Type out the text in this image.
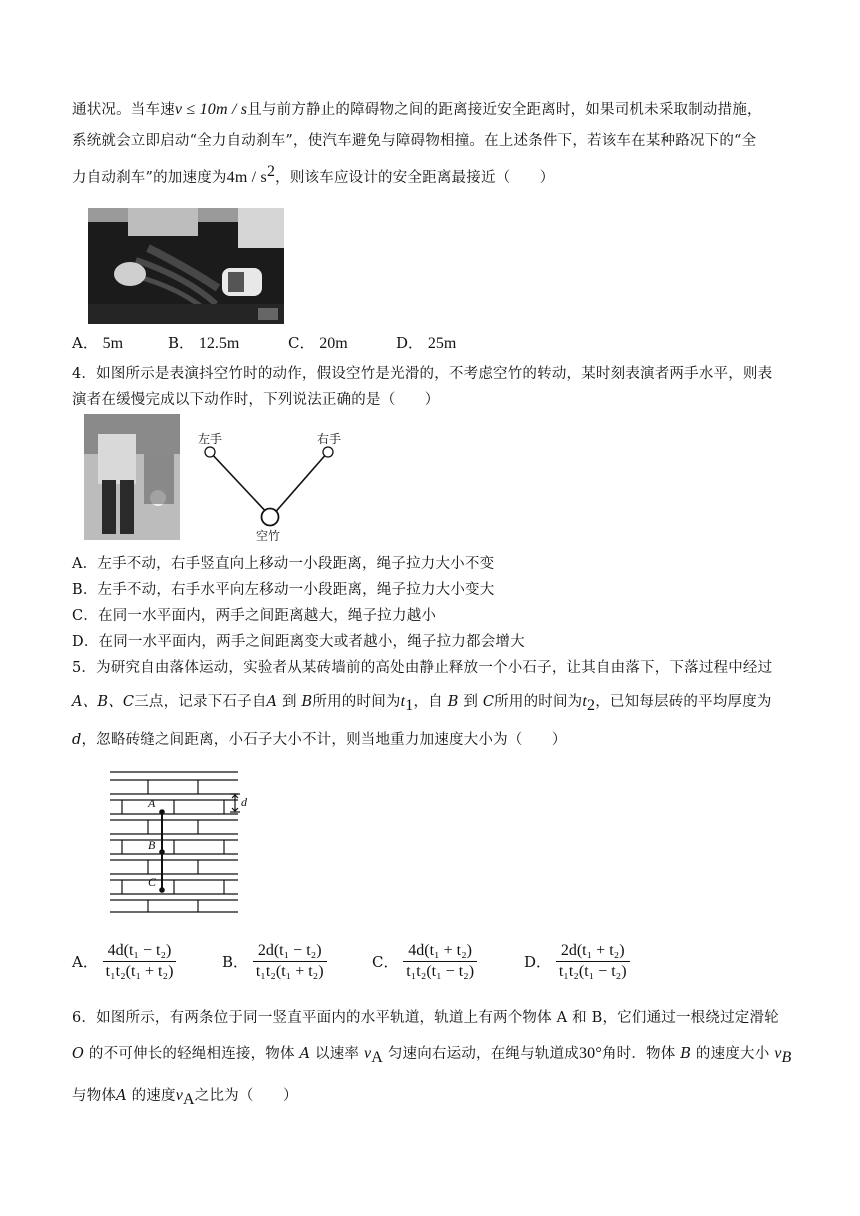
通状况。当车速v ≤ 10m / s且与前方静止的障碍物之间的距离接近安全距离时，如果司机未采取制动措施，
系统就会立即启动“全力自动刹车”，使汽车避免与障碍物相撞。在上述条件下，若该车在某种路况下的“全
力自动刹车”的加速度为$4m / s^2$，则该车应设计的安全距离最接近（　　）
A． 5m	B． 12.5m	C． 20m	D． 25m
4．如图所示是表演抖空竹时的动作，假设空竹是光滑的，不考虑空竹的转动，某时刻表演者两手水平，则表
演者在缓慢完成以下动作时，下列说法正确的是（　　）
左手	右手
空竹
A．左手不动，右手竖直向上移动一小段距离，绳子拉力大小不变
B．左手不动，右手水平向左移动一小段距离，绳子拉力大小变大
C．在同一水平面内，两手之间距离越大，绳子拉力越小
D．在同一水平面内，两手之间距离变大或者越小，绳子拉力都会增大
5．为研究自由落体运动，实验者从某砖墙前的高处由静止释放一个小石子，让其自由落下，下落过程中经过
A、B、C三点，记录下石子自A 到 B所用的时间为$t_1$，自 B 到 C所用的时间为$t_2$，已知每层砖的平均厚度为
d，忽略砖缝之间距离，小石子大小不计，则当地重力加速度大小为（　　）
A
B
C
d
A． $\frac{\text{4d(t₁ − t₂)}}{\text{t₁t₂(t₁ + t₂)}}$	B． $\frac{\text{2d(t₁ − t₂)}}{\text{t₁t₂(t₁ + t₂)}}$	C． $\frac{\text{4d(t₁ + t₂)}}{\text{t₁t₂(t₁ − t₂)}}$	D． $\frac{\text{2d(t₁ + t₂)}}{\text{t₁t₂(t₁ − t₂)}}$
6．如图所示，有两条位于同一竖直平面内的水平轨道，轨道上有两个物体 A 和 B，它们通过一根绕过定滑轮
O 的不可伸长的轻绳相连接，物体 A 以速率 $v_A$ 匀速向右运动，在绳与轨道成30°角时．物体 B 的速度大小 $v_B$
与物体A 的速度$v_A$之比为（　　）
